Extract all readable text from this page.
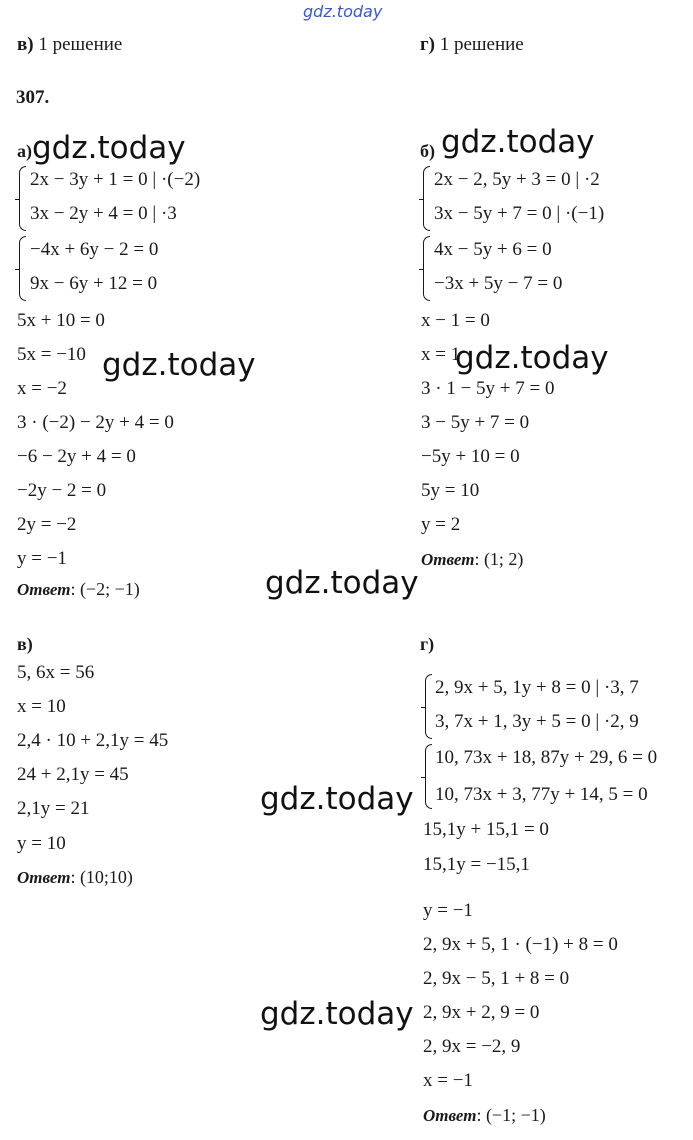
gdz.today
в) 1 решение	г) 1 решение
307.
а)
2x − 3y + 1 = 0 | ·(−2)
3x − 2y + 4 = 0 | ·3
−4x + 6y − 2 = 0
9x − 6y + 12 = 0
5x + 10 = 0
5x = −10
x = −2
3 · (−2) − 2y + 4 = 0
−6 − 2y + 4 = 0
−2y − 2 = 0
2y = −2
y = −1
Ответ: (−2; −1)
б)
2x − 2, 5y + 3 = 0 | ·2
3x − 5y + 7 = 0 | ·(−1)
4x − 5y + 6 = 0
−3x + 5y − 7 = 0
x − 1 = 0
x = 1
3 · 1 − 5y + 7 = 0
3 − 5y + 7 = 0
−5y + 10 = 0
5y = 10
y = 2
Ответ: (1; 2)
в)
5, 6x = 56
x = 10
2,4 · 10 + 2,1y = 45
24 + 2,1y = 45
2,1y = 21
y = 10
Ответ: (10;10)
г)
2, 9x + 5, 1y + 8 = 0 | ·3, 7
3, 7x + 1, 3y + 5 = 0 | ·2, 9
10, 73x + 18, 87y + 29, 6 = 0
10, 73x + 3, 77y + 14, 5 = 0
15,1y + 15,1 = 0
15,1y = −15,1
y = −1
2, 9x + 5, 1 · (−1) + 8 = 0
2, 9x − 5, 1 + 8 = 0
2, 9x + 2, 9 = 0
2, 9x = −2, 9
x = −1
Ответ: (−1; −1)
gdz.today	gdz.today
gdz.today	gdz.today
gdz.today
gdz.today
gdz.today
